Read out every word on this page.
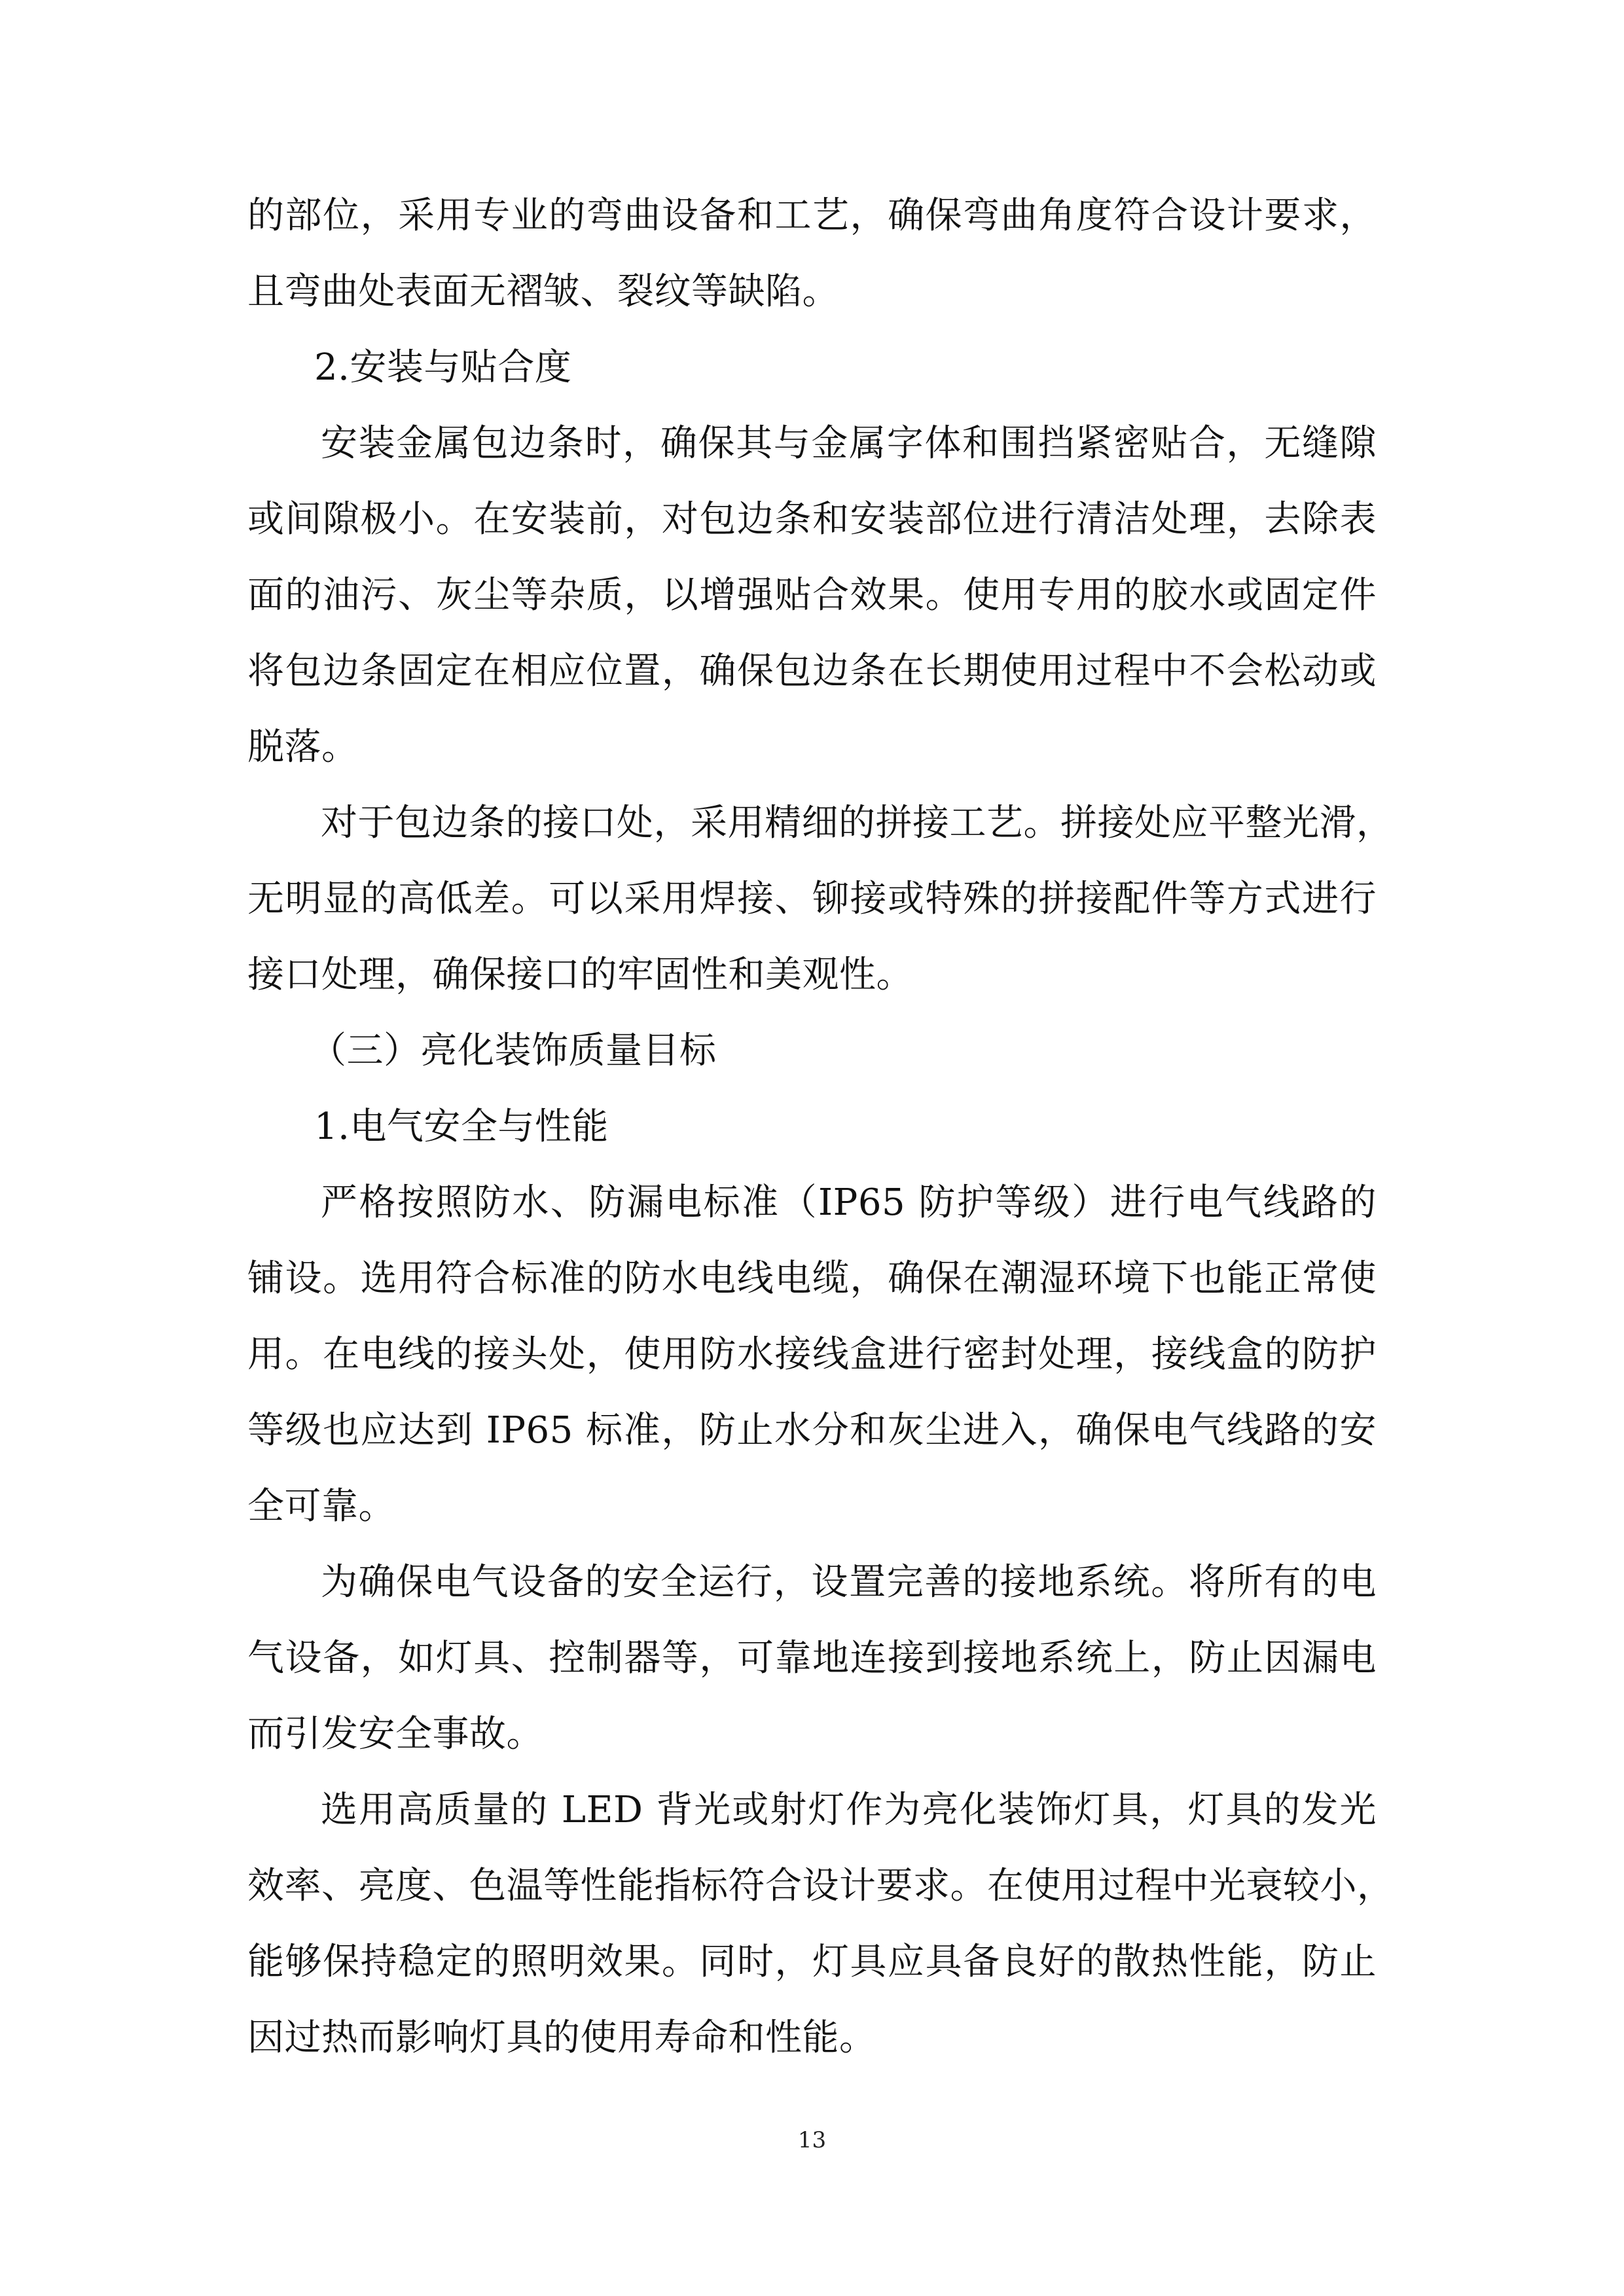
的部位，采用专业的弯曲设备和工艺，确保弯曲角度符合设计要求，
且弯曲处表面无褶皱、裂纹等缺陷。
2.安装与贴合度
安装金属包边条时，确保其与金属字体和围挡紧密贴合，无缝隙
或间隙极小。在安装前，对包边条和安装部位进行清洁处理，去除表
面的油污、灰尘等杂质，以增强贴合效果。使用专用的胶水或固定件
将包边条固定在相应位置，确保包边条在长期使用过程中不会松动或
脱落。
对于包边条的接口处，采用精细的拼接工艺。拼接处应平整光滑，
无明显的高低差。可以采用焊接、铆接或特殊的拼接配件等方式进行
接口处理，确保接口的牢固性和美观性。
（三）亮化装饰质量目标
1.电气安全与性能
严格按照防水、防漏电标准（IP65 防护等级）进行电气线路的
铺设。选用符合标准的防水电线电缆，确保在潮湿环境下也能正常使
用。在电线的接头处，使用防水接线盒进行密封处理，接线盒的防护
等级也应达到 IP65 标准，防止水分和灰尘进入，确保电气线路的安
全可靠。
为确保电气设备的安全运行，设置完善的接地系统。将所有的电
气设备，如灯具、控制器等，可靠地连接到接地系统上，防止因漏电
而引发安全事故。
选用高质量的 LED 背光或射灯作为亮化装饰灯具，灯具的发光
效率、亮度、色温等性能指标符合设计要求。在使用过程中光衰较小，
能够保持稳定的照明效果。同时，灯具应具备良好的散热性能，防止
因过热而影响灯具的使用寿命和性能。
13
